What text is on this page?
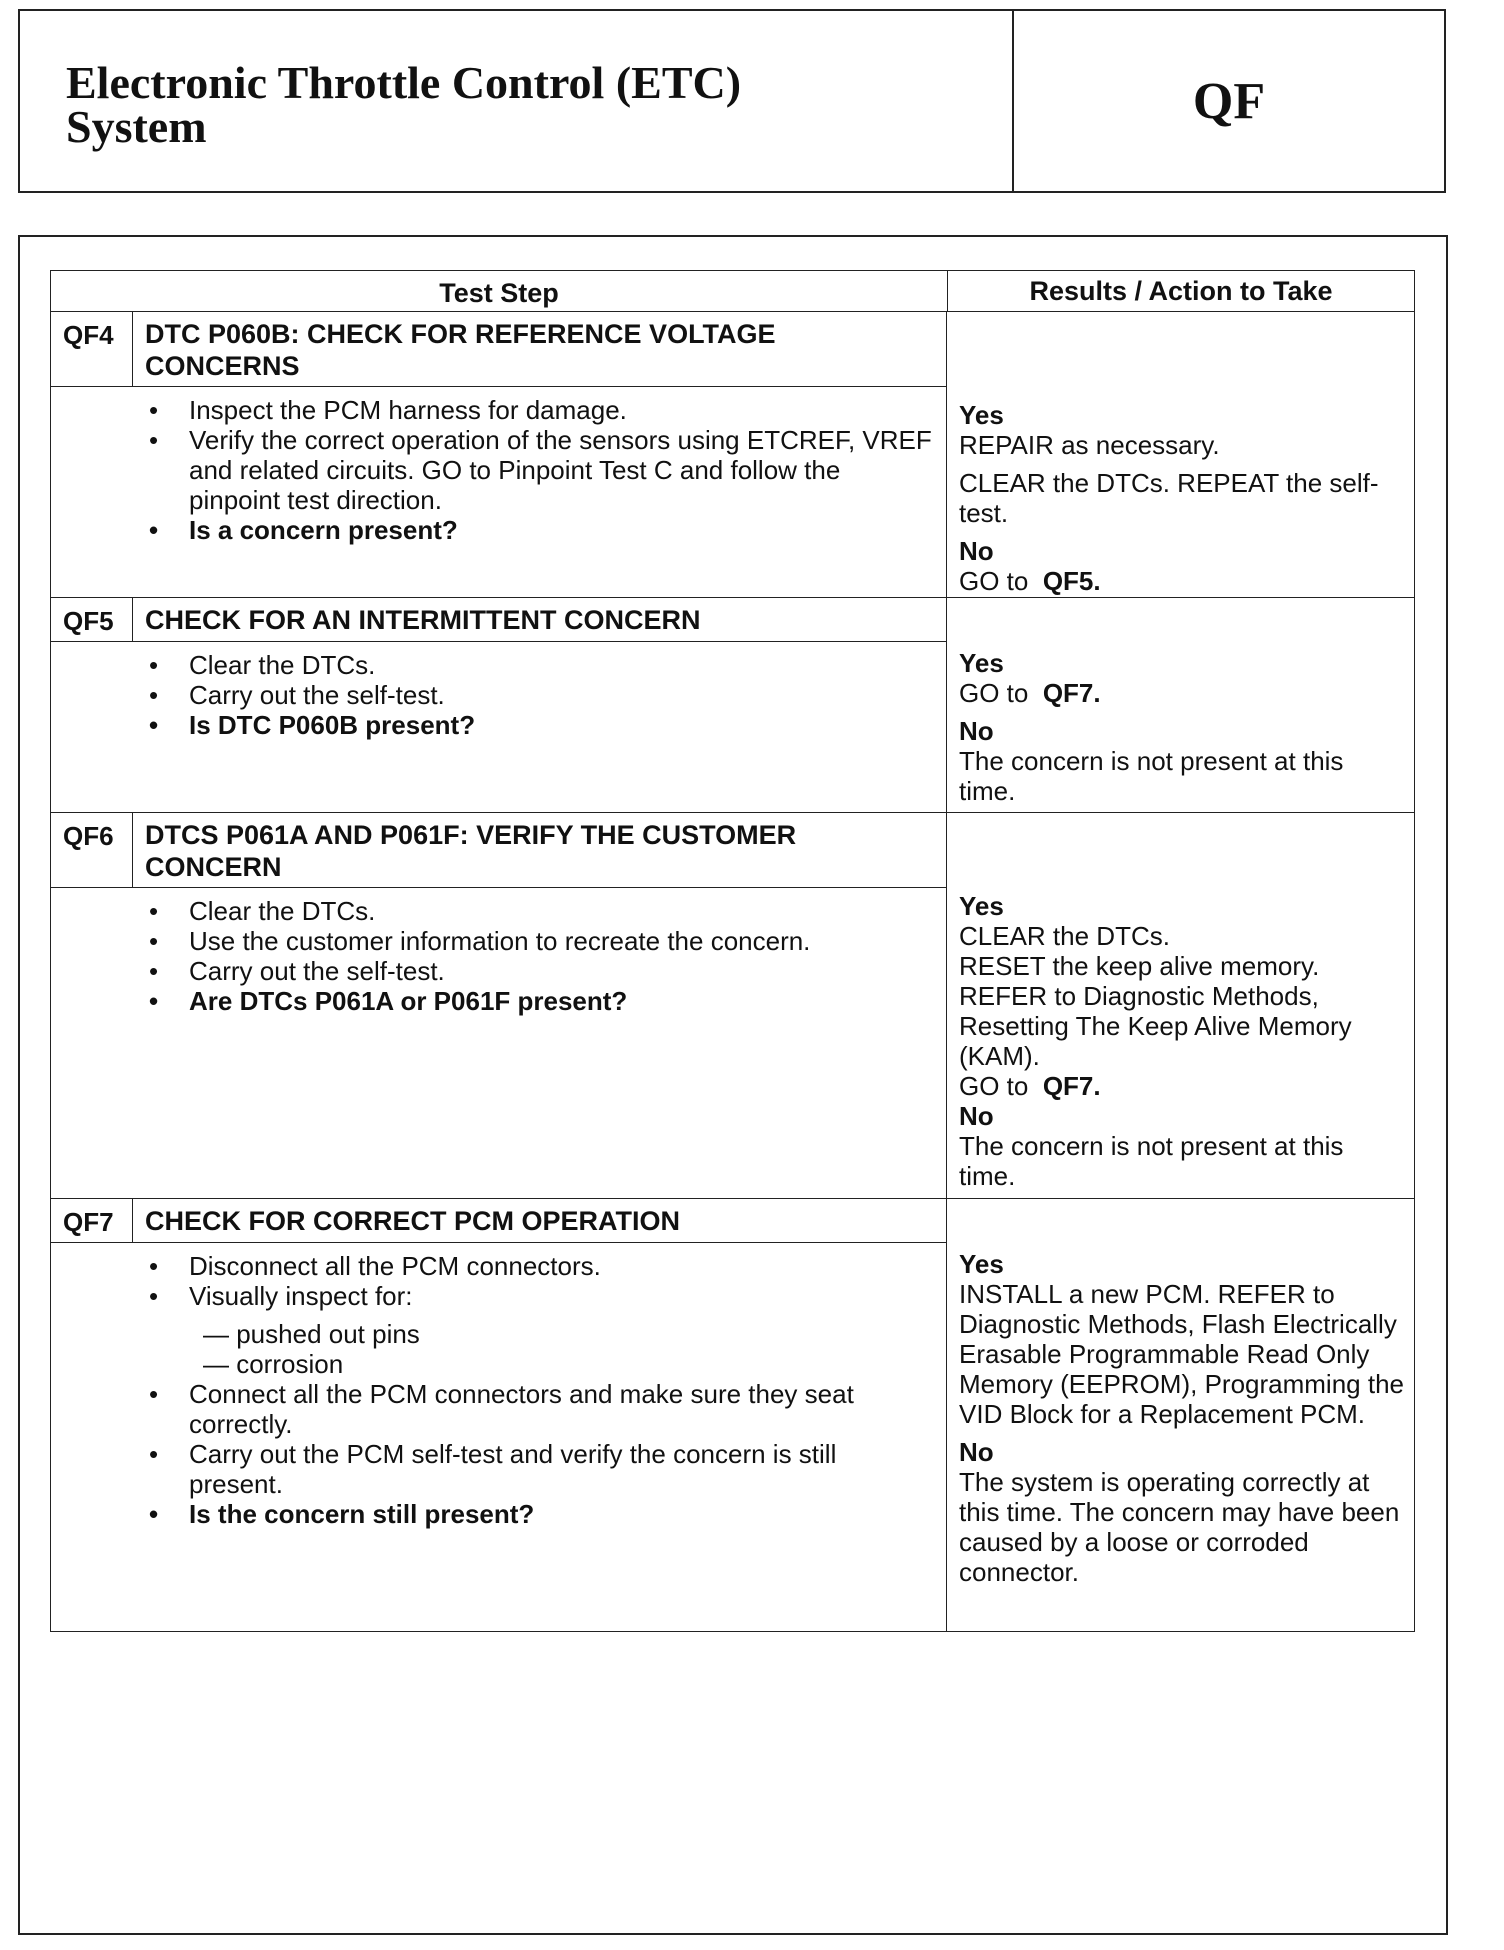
Electronic Throttle Control (ETC)
System	QF
Test Step	Results / Action to Take
QF4	DTC P060B: CHECK FOR REFERENCE VOLTAGE CONCERNS
• Inspect the PCM harness for damage.
• Verify the correct operation of the sensors using ETCREF, VREF and related circuits. GO to Pinpoint Test C and follow the pinpoint test direction.
• Is a concern present?
Yes
REPAIR as necessary.
CLEAR the DTCs. REPEAT the self-test.
No
GO to QF5.
QF5	CHECK FOR AN INTERMITTENT CONCERN
• Clear the DTCs.
• Carry out the self-test.
• Is DTC P060B present?
Yes
GO to QF7.
No
The concern is not present at this time.
QF6	DTCS P061A AND P061F: VERIFY THE CUSTOMER CONCERN
• Clear the DTCs.
• Use the customer information to recreate the concern.
• Carry out the self-test.
• Are DTCs P061A or P061F present?
Yes
CLEAR the DTCs.
RESET the keep alive memory.
REFER to Diagnostic Methods, Resetting The Keep Alive Memory (KAM).
GO to QF7.
No
The concern is not present at this time.
QF7	CHECK FOR CORRECT PCM OPERATION
• Disconnect all the PCM connectors.
• Visually inspect for:
— pushed out pins
— corrosion
• Connect all the PCM connectors and make sure they seat correctly.
• Carry out the PCM self-test and verify the concern is still present.
• Is the concern still present?
Yes
INSTALL a new PCM. REFER to Diagnostic Methods, Flash Electrically Erasable Programmable Read Only Memory (EEPROM), Programming the VID Block for a Replacement PCM.
No
The system is operating correctly at this time. The concern may have been caused by a loose or corroded connector.
